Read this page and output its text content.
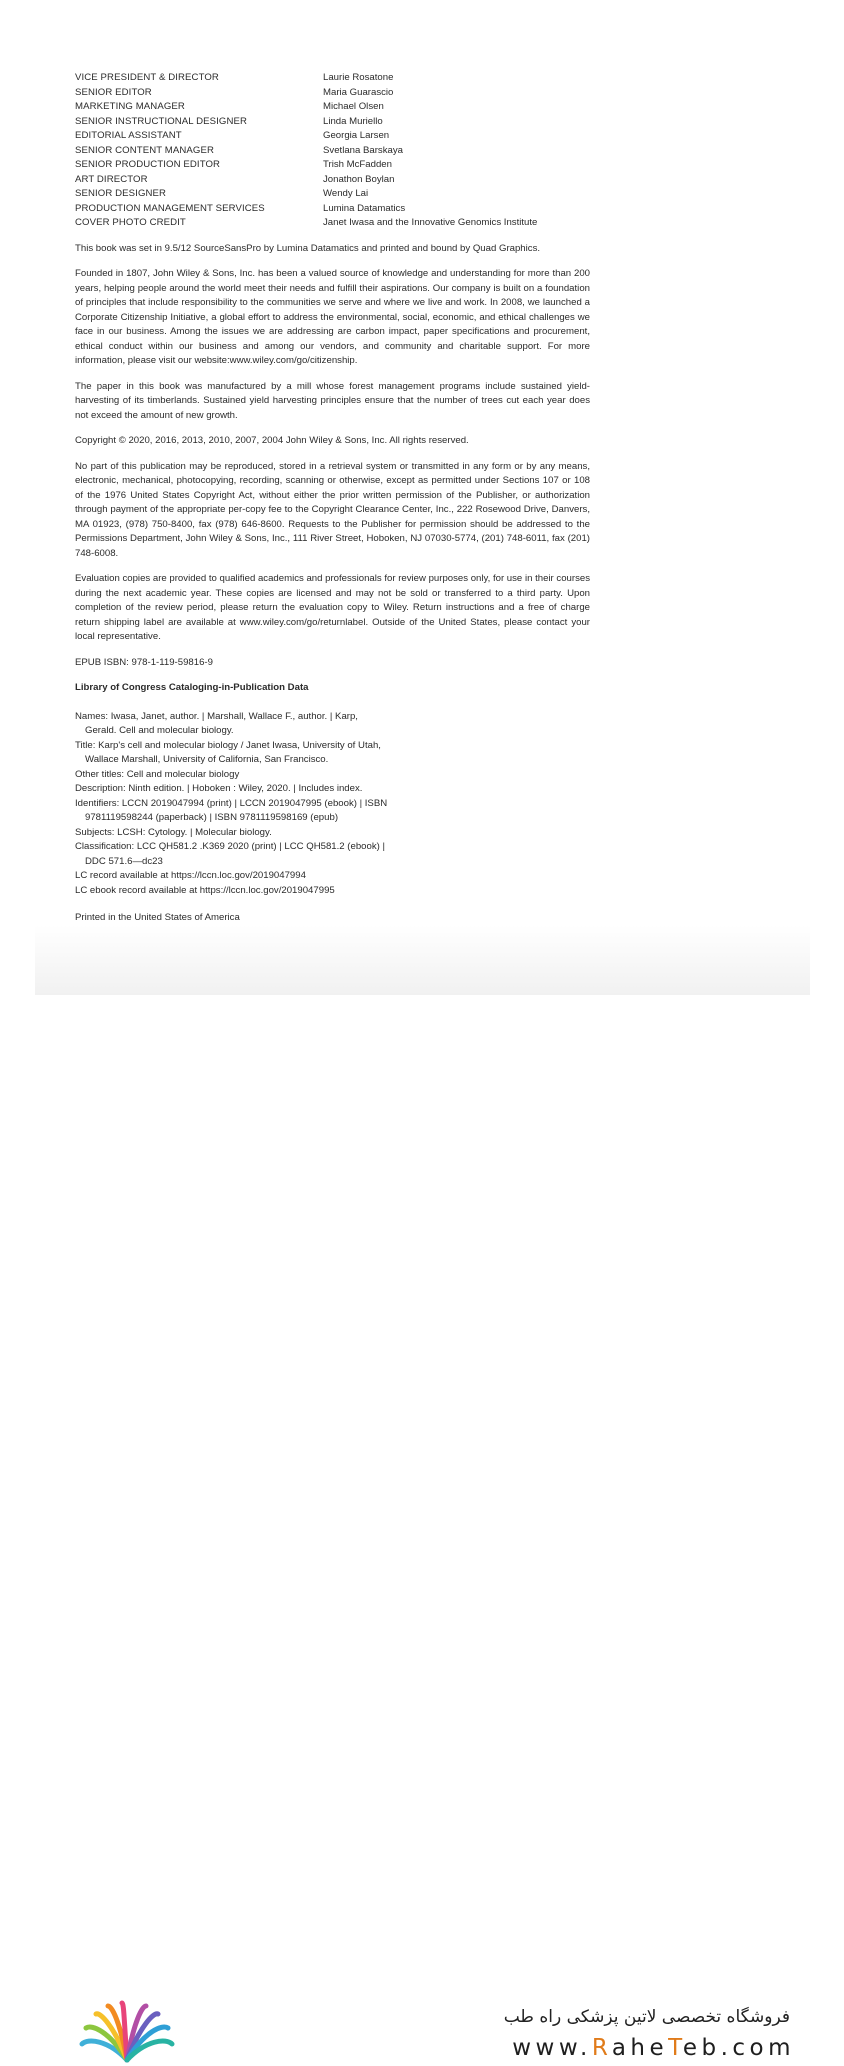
VICE PRESIDENT & DIRECTOR	Laurie Rosatone
SENIOR EDITOR	Maria Guarascio
MARKETING MANAGER	Michael Olsen
SENIOR INSTRUCTIONAL DESIGNER	Linda Muriello
EDITORIAL ASSISTANT	Georgia Larsen
SENIOR CONTENT MANAGER	Svetlana Barskaya
SENIOR PRODUCTION EDITOR	Trish McFadden
ART DIRECTOR	Jonathon Boylan
SENIOR DESIGNER	Wendy Lai
PRODUCTION MANAGEMENT SERVICES	Lumina Datamatics
COVER PHOTO CREDIT	Janet Iwasa and the Innovative Genomics Institute

This book was set in 9.5/12 SourceSansPro by Lumina Datamatics and printed and bound by Quad Graphics.

Founded in 1807, John Wiley & Sons, Inc. has been a valued source of knowledge and understanding for more than 200 years, helping people around the world meet their needs and fulfill their aspirations. Our company is built on a foundation of principles that include responsibility to the communities we serve and where we live and work. In 2008, we launched a Corporate Citizenship Initiative, a global effort to address the environmental, social, economic, and ethical challenges we face in our business. Among the issues we are addressing are carbon impact, paper specifications and procurement, ethical conduct within our business and among our vendors, and community and charitable support. For more information, please visit our website:www.wiley.com/go/citizenship.

The paper in this book was manufactured by a mill whose forest management programs include sustained yield-harvesting of its timberlands. Sustained yield harvesting principles ensure that the number of trees cut each year does not exceed the amount of new growth.

Copyright © 2020, 2016, 2013, 2010, 2007, 2004 John Wiley & Sons, Inc. All rights reserved.

No part of this publication may be reproduced, stored in a retrieval system or transmitted in any form or by any means, electronic, mechanical, photocopying, recording, scanning or otherwise, except as permitted under Sections 107 or 108 of the 1976 United States Copyright Act, without either the prior written permission of the Publisher, or authorization through payment of the appropriate per-copy fee to the Copyright Clearance Center, Inc., 222 Rosewood Drive, Danvers, MA 01923, (978) 750-8400, fax (978) 646-8600. Requests to the Publisher for permission should be addressed to the Permissions Department, John Wiley & Sons, Inc., 111 River Street, Hoboken, NJ 07030-5774, (201) 748-6011, fax (201) 748-6008.

Evaluation copies are provided to qualified academics and professionals for review purposes only, for use in their courses during the next academic year. These copies are licensed and may not be sold or transferred to a third party. Upon completion of the review period, please return the evaluation copy to Wiley. Return instructions and a free of charge return shipping label are available at www.wiley.com/go/returnlabel. Outside of the United States, please contact your local representative.

EPUB ISBN: 978-1-119-59816-9

Library of Congress Cataloging-in-Publication Data

Names: Iwasa, Janet, author. | Marshall, Wallace F., author. | Karp,
Gerald. Cell and molecular biology.
Title: Karp's cell and molecular biology / Janet Iwasa, University of Utah,
Wallace Marshall, University of California, San Francisco.
Other titles: Cell and molecular biology
Description: Ninth edition. | Hoboken : Wiley, 2020. | Includes index.
Identifiers: LCCN 2019047994 (print) | LCCN 2019047995 (ebook) | ISBN
9781119598244 (paperback) | ISBN 9781119598169 (epub)
Subjects: LCSH: Cytology. | Molecular biology.
Classification: LCC QH581.2 .K369 2020 (print) | LCC QH581.2 (ebook) |
DDC 571.6—dc23
LC record available at https://lccn.loc.gov/2019047994
LC ebook record available at https://lccn.loc.gov/2019047995

Printed in the United States of America

فروشگاه تخصصی لاتین پزشکی راه طب
www.RaheTeb.com
